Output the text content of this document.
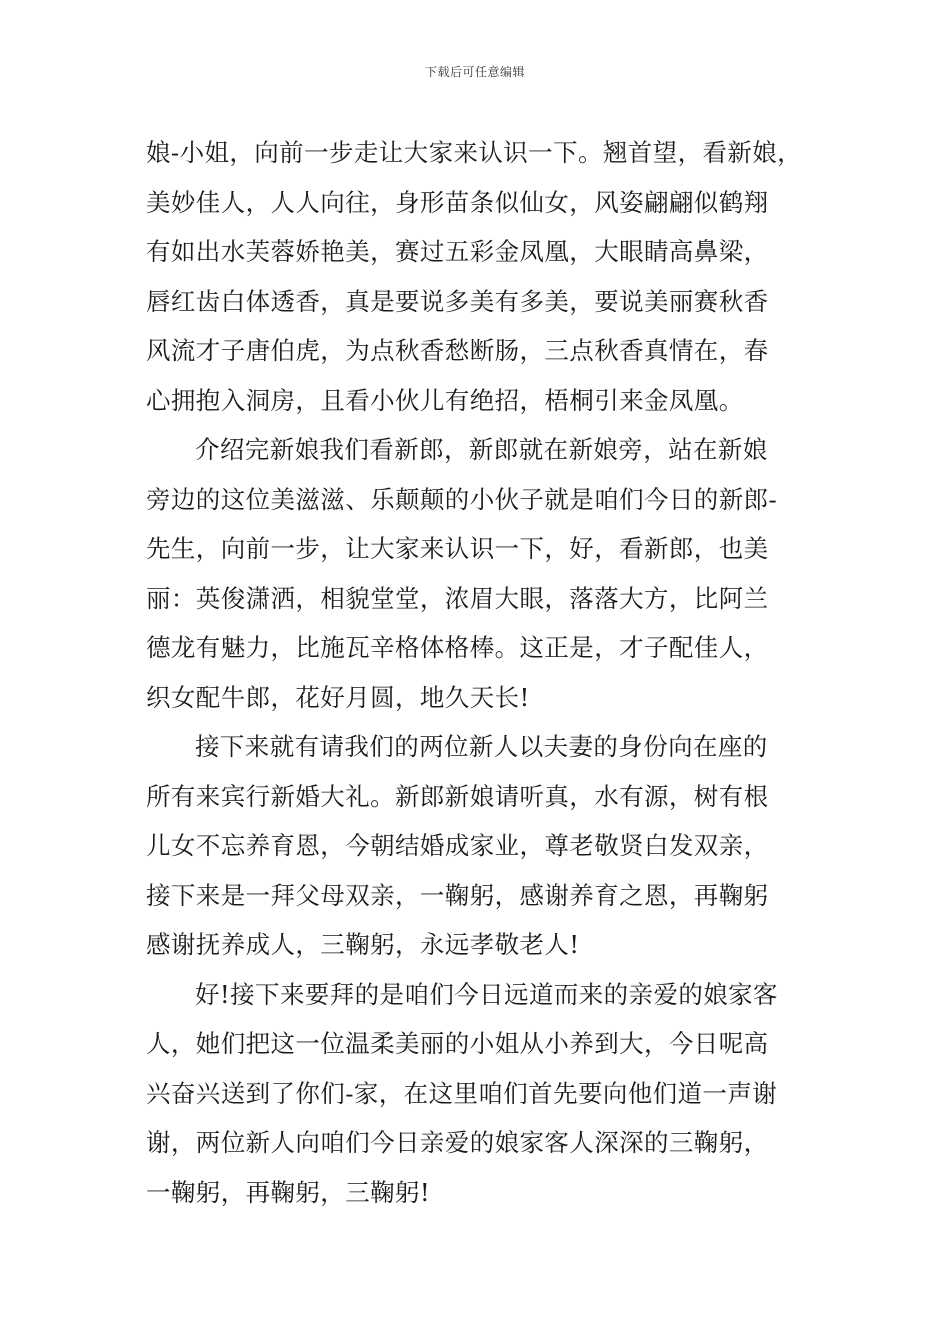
下载后可任意编辑
娘-小姐，向前一步走让大家来认识一下。翘首望，看新娘，
美妙佳人，人人向往，身形苗条似仙女，风姿翩翩似鹤翔
有如出水芙蓉娇艳美，赛过五彩金凤凰，大眼睛高鼻梁，
唇红齿白体透香，真是要说多美有多美，要说美丽赛秋香
风流才子唐伯虎，为点秋香愁断肠，三点秋香真情在，春
心拥抱入洞房，且看小伙儿有绝招，梧桐引来金凤凰。
介绍完新娘我们看新郎，新郎就在新娘旁，站在新娘
旁边的这位美滋滋、乐颠颠的小伙子就是咱们今日的新郎-
先生，向前一步，让大家来认识一下，好，看新郎，也美
丽：英俊潇洒，相貌堂堂，浓眉大眼，落落大方，比阿兰
德龙有魅力，比施瓦辛格体格棒。这正是，才子配佳人，
织女配牛郎，花好月圆，地久天长!
接下来就有请我们的两位新人以夫妻的身份向在座的
所有来宾行新婚大礼。新郎新娘请听真，水有源，树有根
儿女不忘养育恩，今朝结婚成家业，尊老敬贤白发双亲，
接下来是一拜父母双亲，一鞠躬，感谢养育之恩，再鞠躬
感谢抚养成人，三鞠躬，永远孝敬老人!
好!接下来要拜的是咱们今日远道而来的亲爱的娘家客
人，她们把这一位温柔美丽的小姐从小养到大，今日呢高
兴奋兴送到了你们-家，在这里咱们首先要向他们道一声谢
谢，两位新人向咱们今日亲爱的娘家客人深深的三鞠躬，
一鞠躬，再鞠躬，三鞠躬!
